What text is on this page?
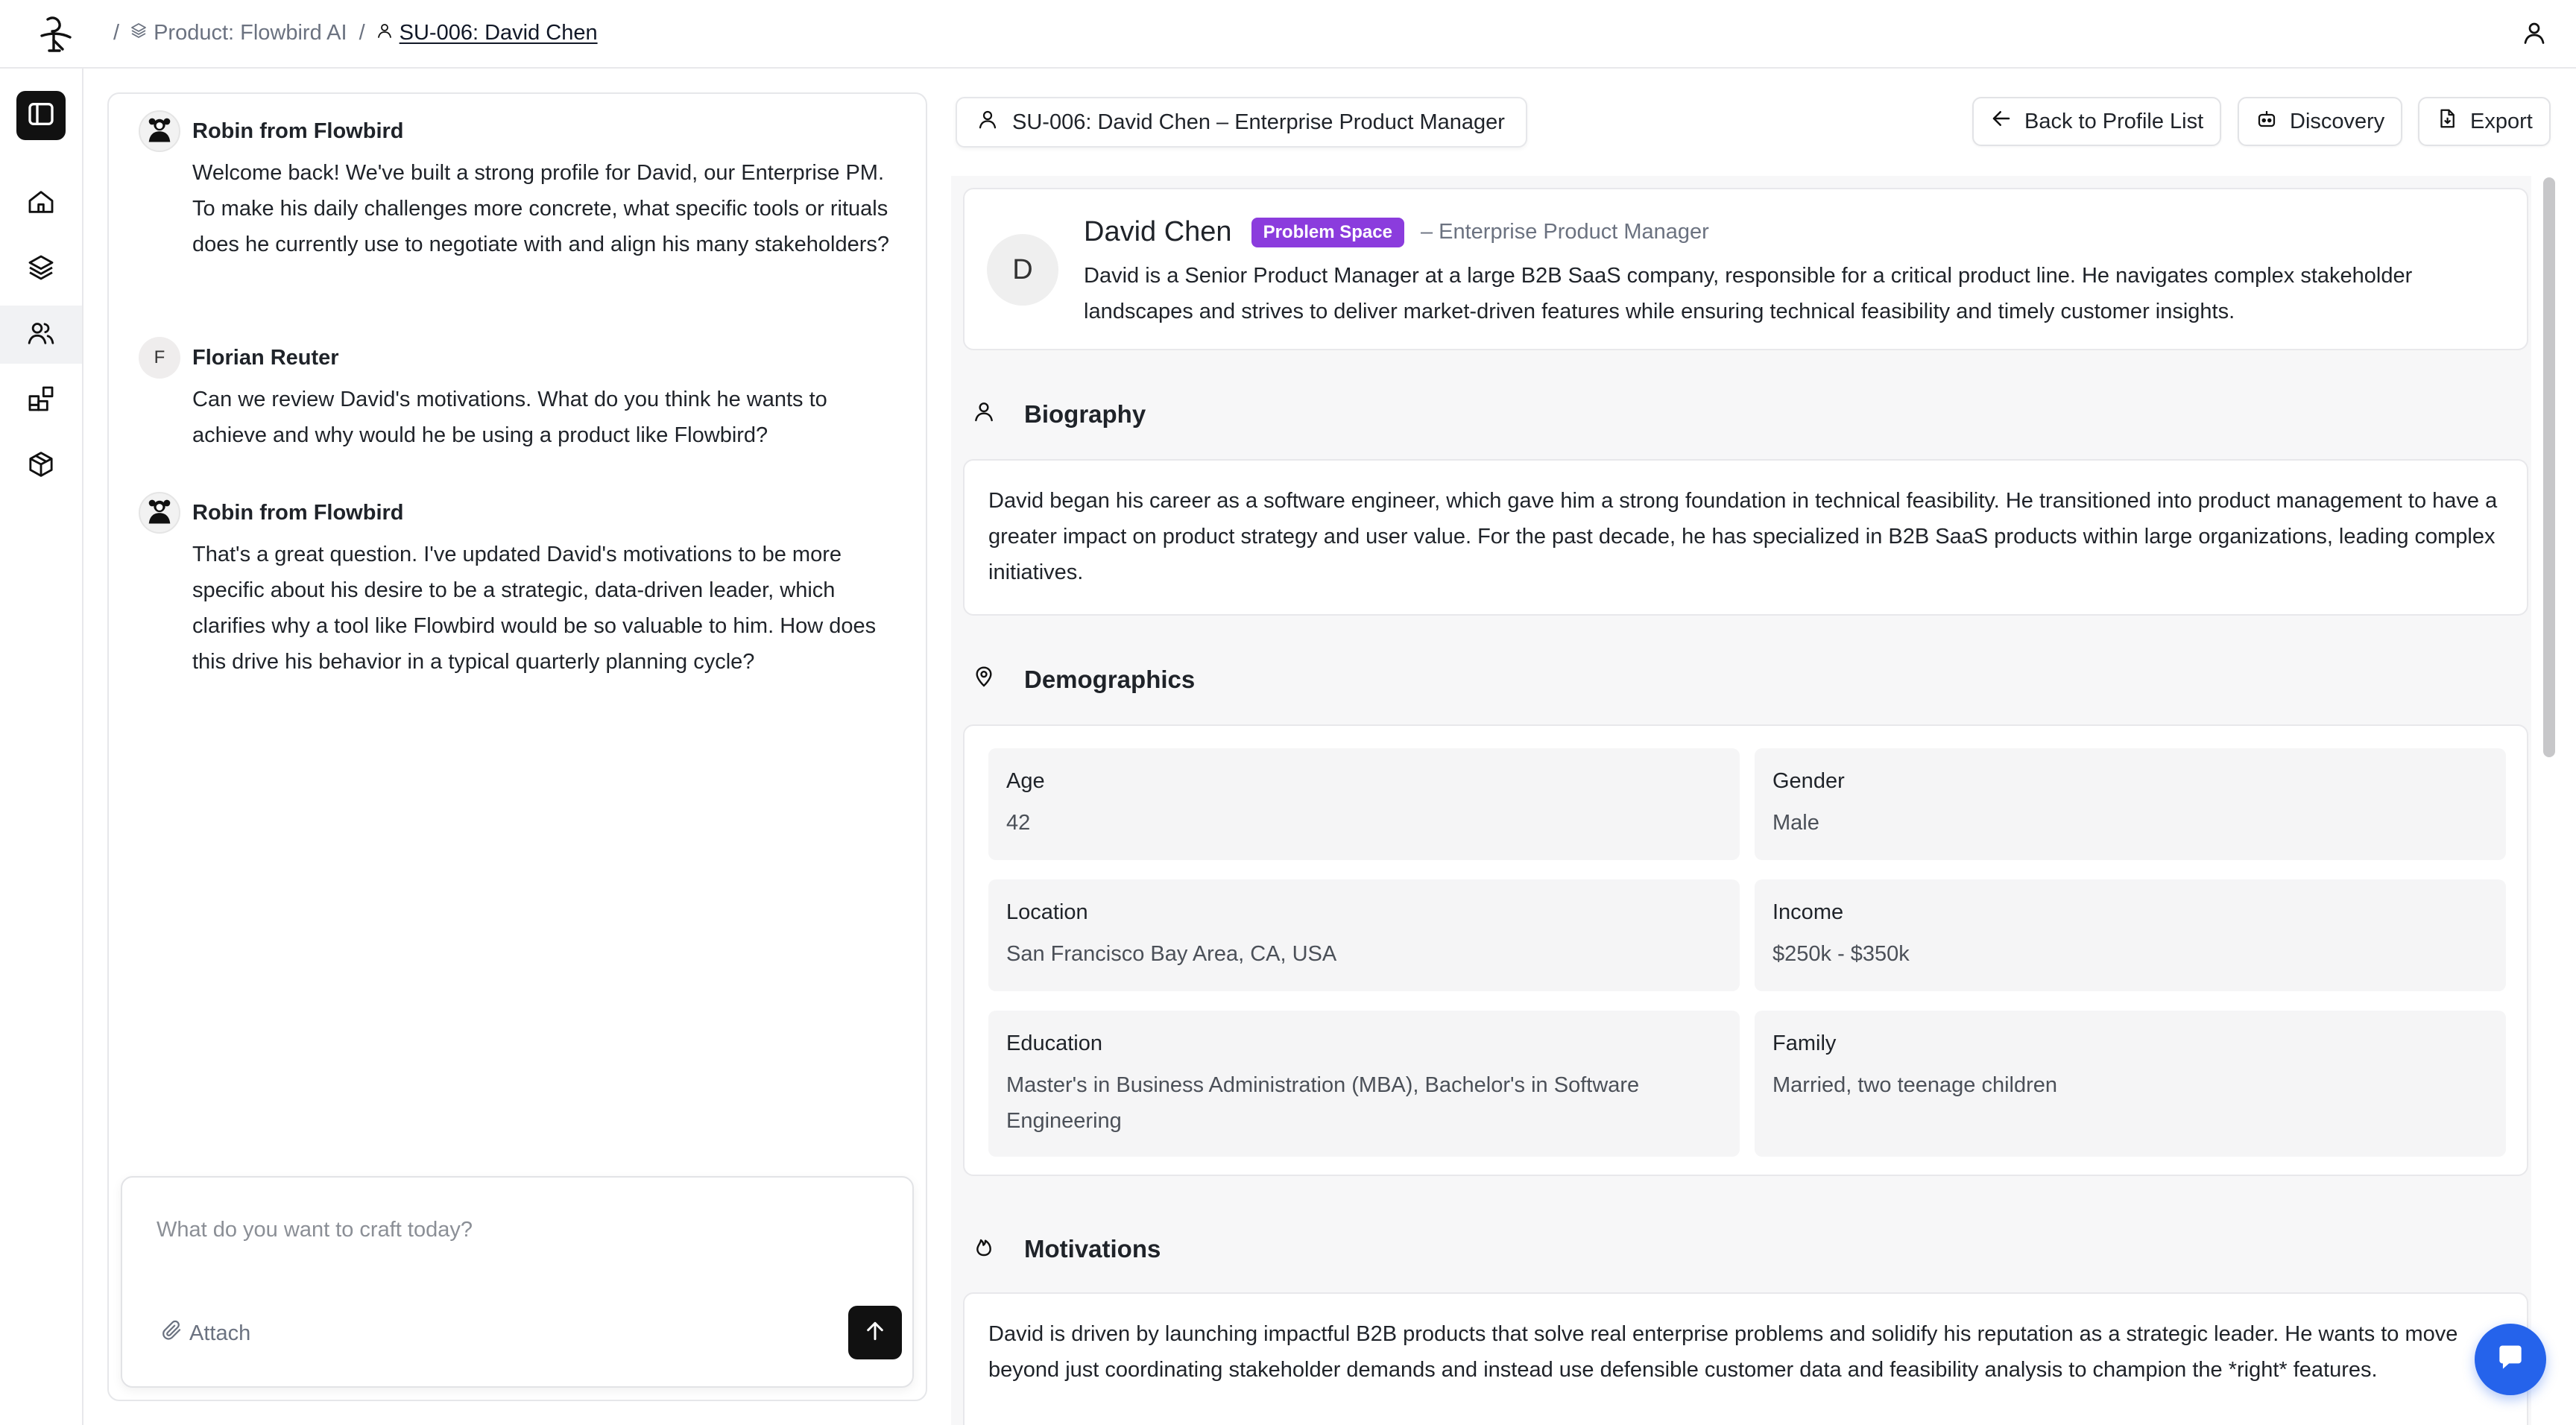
/ Product: Flowbird AI / SU-006: David Chen
Robin from Flowbird
Welcome back! We've built a strong profile for David, our Enterprise PM. To make his daily challenges more concrete, what specific tools or rituals does he currently use to negotiate with and align his many stakeholders?
F	Florian Reuter
Can we review David's motivations. What do you think he wants to achieve and why would he be using a product like Flowbird?
Robin from Flowbird
That's a great question. I've updated David's motivations to be more specific about his desire to be a strategic, data-driven leader, which clarifies why a tool like Flowbird would be so valuable to him. How does this drive his behavior in a typical quarterly planning cycle?
What do you want to craft today?
Attach
SU-006: David Chen – Enterprise Product Manager	Back to Profile List	Discovery	Export
D
David Chen	Problem Space	– Enterprise Product Manager
David is a Senior Product Manager at a large B2B SaaS company, responsible for a critical product line. He navigates complex stakeholder landscapes and strives to deliver market-driven features while ensuring technical feasibility and timely customer insights.
Biography
David began his career as a software engineer, which gave him a strong foundation in technical feasibility. He transitioned into product management to have a greater impact on product strategy and user value. For the past decade, he has specialized in B2B SaaS products within large organizations, leading complex initiatives.
Demographics
Age
42
Gender
Male
Location
San Francisco Bay Area, CA, USA
Income
$250k - $350k
Education
Master's in Business Administration (MBA), Bachelor's in Software Engineering
Family
Married, two teenage children
Motivations
David is driven by launching impactful B2B products that solve real enterprise problems and solidify his reputation as a strategic leader. He wants to move beyond just coordinating stakeholder demands and instead use defensible customer data and feasibility analysis to champion the *right* features.
